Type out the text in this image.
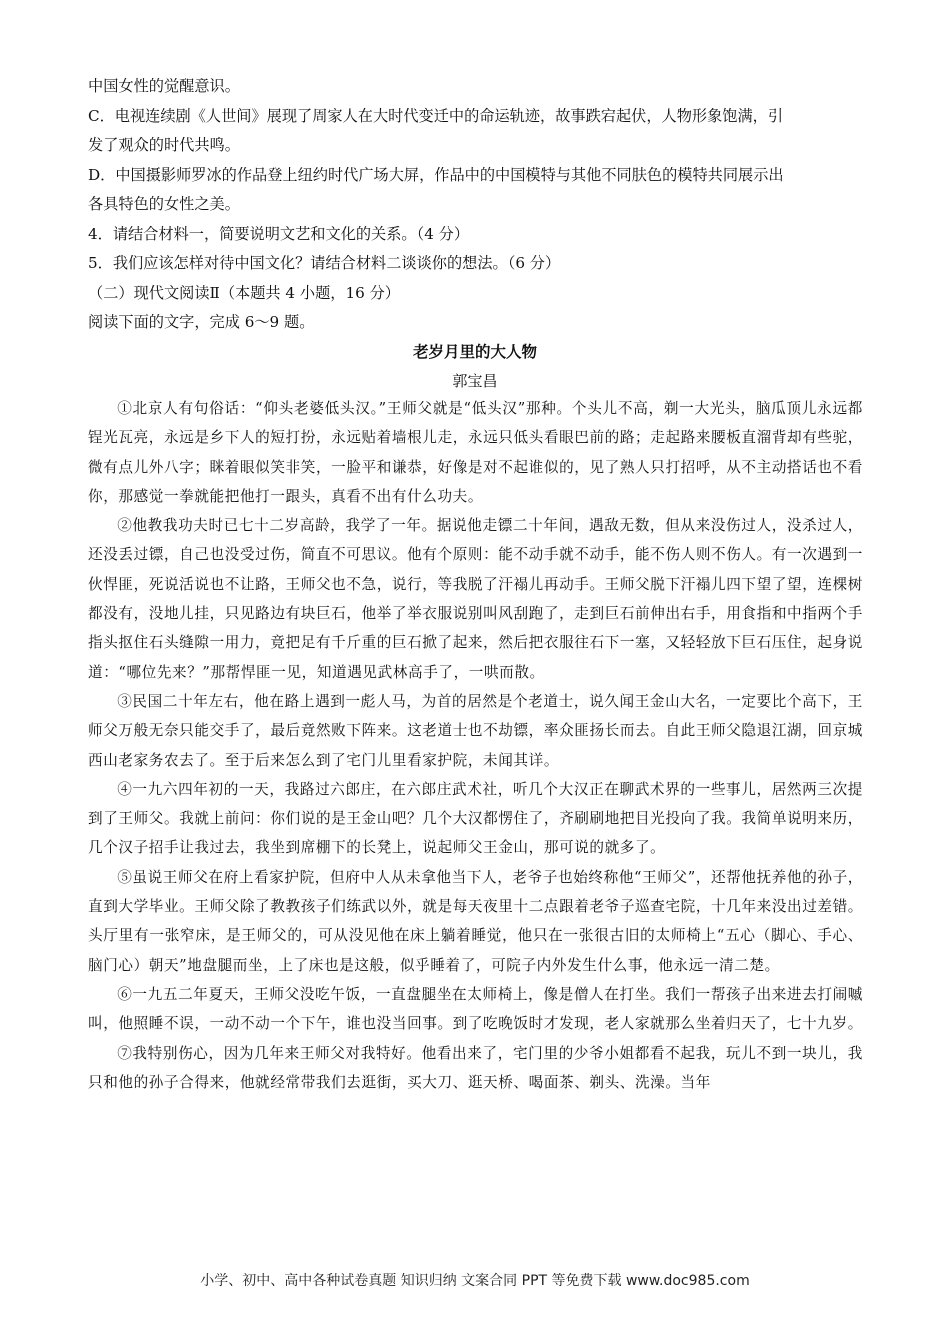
中国女性的觉醒意识。

C．电视连续剧《人世间》展现了周家人在大时代变迁中的命运轨迹，故事跌宕起伏，人物形象饱满，引

发了观众的时代共鸣。

D．中国摄影师罗冰的作品登上纽约时代广场大屏，作品中的中国模特与其他不同肤色的模特共同展示出

各具特色的女性之美。

4．请结合材料一，简要说明文艺和文化的关系。（4 分）

5．我们应该怎样对待中国文化？请结合材料二谈谈你的想法。（6 分）

（二）现代文阅读Ⅱ（本题共 4 小题，16 分）

阅读下面的文字，完成 6～9 题。

老岁月里的大人物
郭宝昌

①北京人有句俗话：“仰头老婆低头汉。”王师父就是“低头汉”那种。个头儿不高，剃一大光头，脑瓜顶儿永远都锃光瓦亮，永远是乡下人的短打扮，永远贴着墙根儿走，永远只低头看眼巴前的路；走起路来腰板直溜背却有些驼，微有点儿外八字；眯着眼似笑非笑，一脸平和谦恭，好像是对不起谁似的，见了熟人只打招呼，从不主动搭话也不看你，那感觉一拳就能把他打一跟头，真看不出有什么功夫。

②他教我功夫时已七十二岁高龄，我学了一年。据说他走镖二十年间，遇敌无数，但从来没伤过人，没杀过人，还没丢过镖，自己也没受过伤，简直不可思议。他有个原则：能不动手就不动手，能不伤人则不伤人。有一次遇到一伙悍匪，死说活说也不让路，王师父也不急，说行，等我脱了汗褟儿再动手。王师父脱下汗褟儿四下望了望，连棵树都没有，没地儿挂，只见路边有块巨石，他举了举衣服说别叫风刮跑了，走到巨石前伸出右手，用食指和中指两个手指头抠住石头缝隙一用力，竟把足有千斤重的巨石掀了起来，然后把衣服往石下一塞，又轻轻放下巨石压住，起身说道：“哪位先来？”那帮悍匪一见，知道遇见武林高手了，一哄而散。

③民国二十年左右，他在路上遇到一彪人马，为首的居然是个老道士，说久闻王金山大名，一定要比个高下，王师父万般无奈只能交手了，最后竟然败下阵来。这老道士也不劫镖，率众匪扬长而去。自此王师父隐退江湖，回京城西山老家务农去了。至于后来怎么到了宅门儿里看家护院，未闻其详。

④一九六四年初的一天，我路过六郎庄，在六郎庄武术社，听几个大汉正在聊武术界的一些事儿，居然两三次提到了王师父。我就上前问：你们说的是王金山吧？几个大汉都愣住了，齐刷刷地把目光投向了我。我简单说明来历，几个汉子招手让我过去，我坐到席棚下的长凳上，说起师父王金山，那可说的就多了。

⑤虽说王师父在府上看家护院，但府中人从未拿他当下人，老爷子也始终称他“王师父”，还帮他抚养他的孙子，直到大学毕业。王师父除了教教孩子们练武以外，就是每天夜里十二点跟着老爷子巡查宅院，十几年来没出过差错。头厅里有一张窄床，是王师父的，可从没见他在床上躺着睡觉，他只在一张很古旧的太师椅上“五心（脚心、手心、脑门心）朝天”地盘腿而坐，上了床也是这般，似乎睡着了，可院子内外发生什么事，他永远一清二楚。

⑥一九五二年夏天，王师父没吃午饭，一直盘腿坐在太师椅上，像是僧人在打坐。我们一帮孩子出来进去打闹嘁叫，他照睡不误，一动不动一个下午，谁也没当回事。到了吃晚饭时才发现，老人家就那么坐着归天了，七十九岁。

⑦我特别伤心，因为几年来王师父对我特好。他看出来了，宅门里的少爷小姐都看不起我，玩儿不到一块儿，我只和他的孙子合得来，他就经常带我们去逛街，买大刀、逛天桥、喝面茶、剃头、洗澡。当年

小学、初中、高中各种试卷真题 知识归纳 文案合同 PPT 等免费下载 www.doc985.com
